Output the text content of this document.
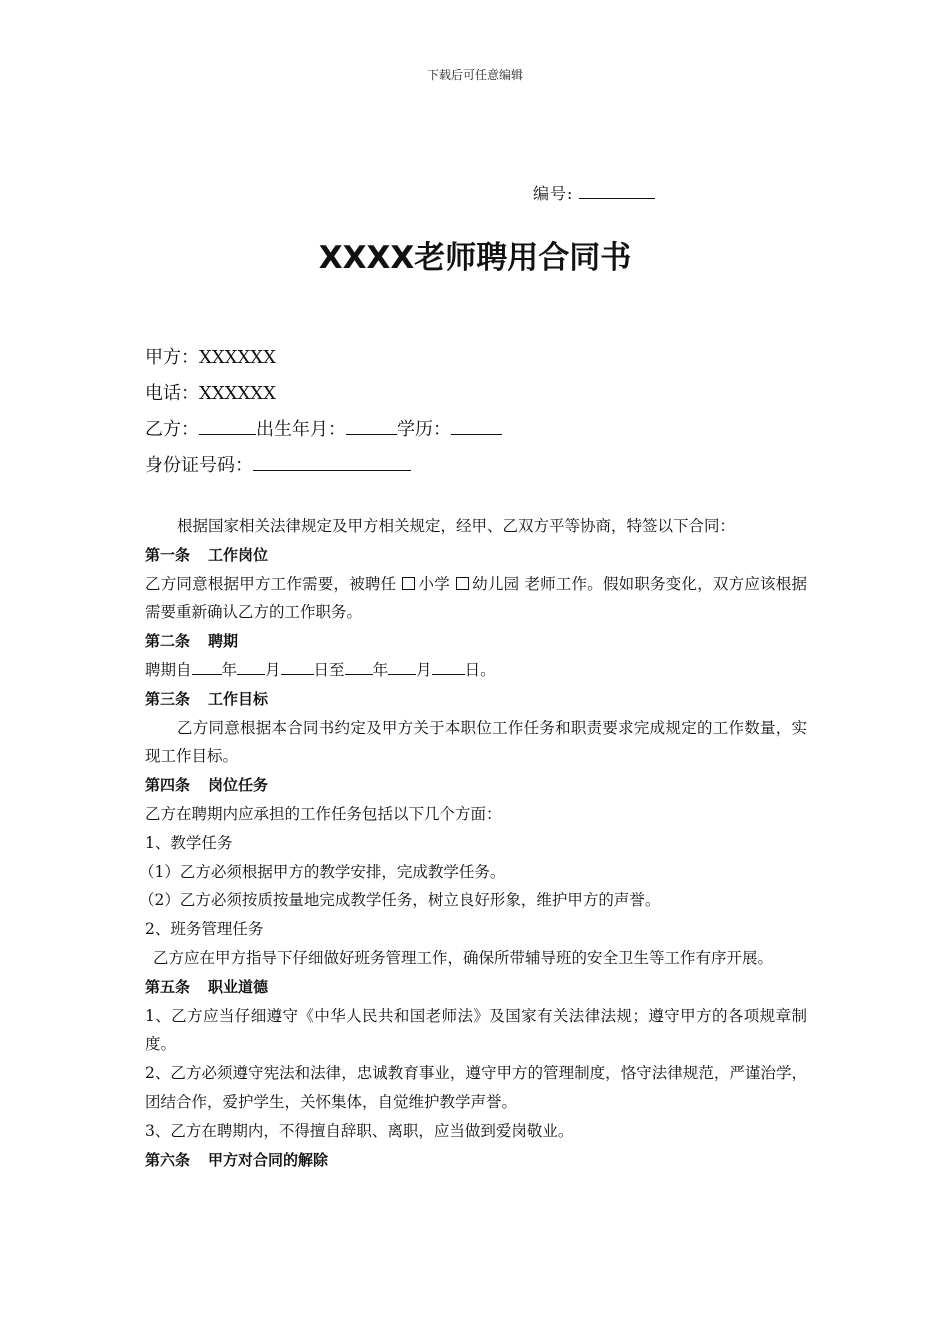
下载后可任意编辑
编号:
XXXX老师聘用合同书
甲方：XXXXXX
电话：XXXXXX
乙方：	出生年月：	学历：
身份证号码：

根据国家相关法律规定及甲方相关规定，经甲、乙双方平等协商，特签以下合同：

第一条 工作岗位

乙方同意根据甲方工作需要，被聘任 小学 幼儿园 老师工作。假如职务变化，双方应该根据需要重新确认乙方的工作职务。

第二条 聘期

聘期自 年 月 日至 年 月 日。

第三条 工作目标

乙方同意根据本合同书约定及甲方关于本职位工作任务和职责要求完成规定的工作数量，实现工作目标。

第四条 岗位任务

乙方在聘期内应承担的工作任务包括以下几个方面：

1、教学任务

（1）乙方必须根据甲方的教学安排，完成教学任务。

（2）乙方必须按质按量地完成教学任务，树立良好形象，维护甲方的声誉。

2、班务管理任务

乙方应在甲方指导下仔细做好班务管理工作，确保所带辅导班的安全卫生等工作有序开展。

第五条 职业道德

1、乙方应当仔细遵守《中华人民共和国老师法》及国家有关法律法规；遵守甲方的各项规章制度。

2、乙方必须遵守宪法和法律，忠诚教育事业，遵守甲方的管理制度，恪守法律规范，严谨治学，团结合作，爱护学生，关怀集体，自觉维护教学声誉。

3、乙方在聘期内，不得擅自辞职、离职，应当做到爱岗敬业。

第六条 甲方对合同的解除
